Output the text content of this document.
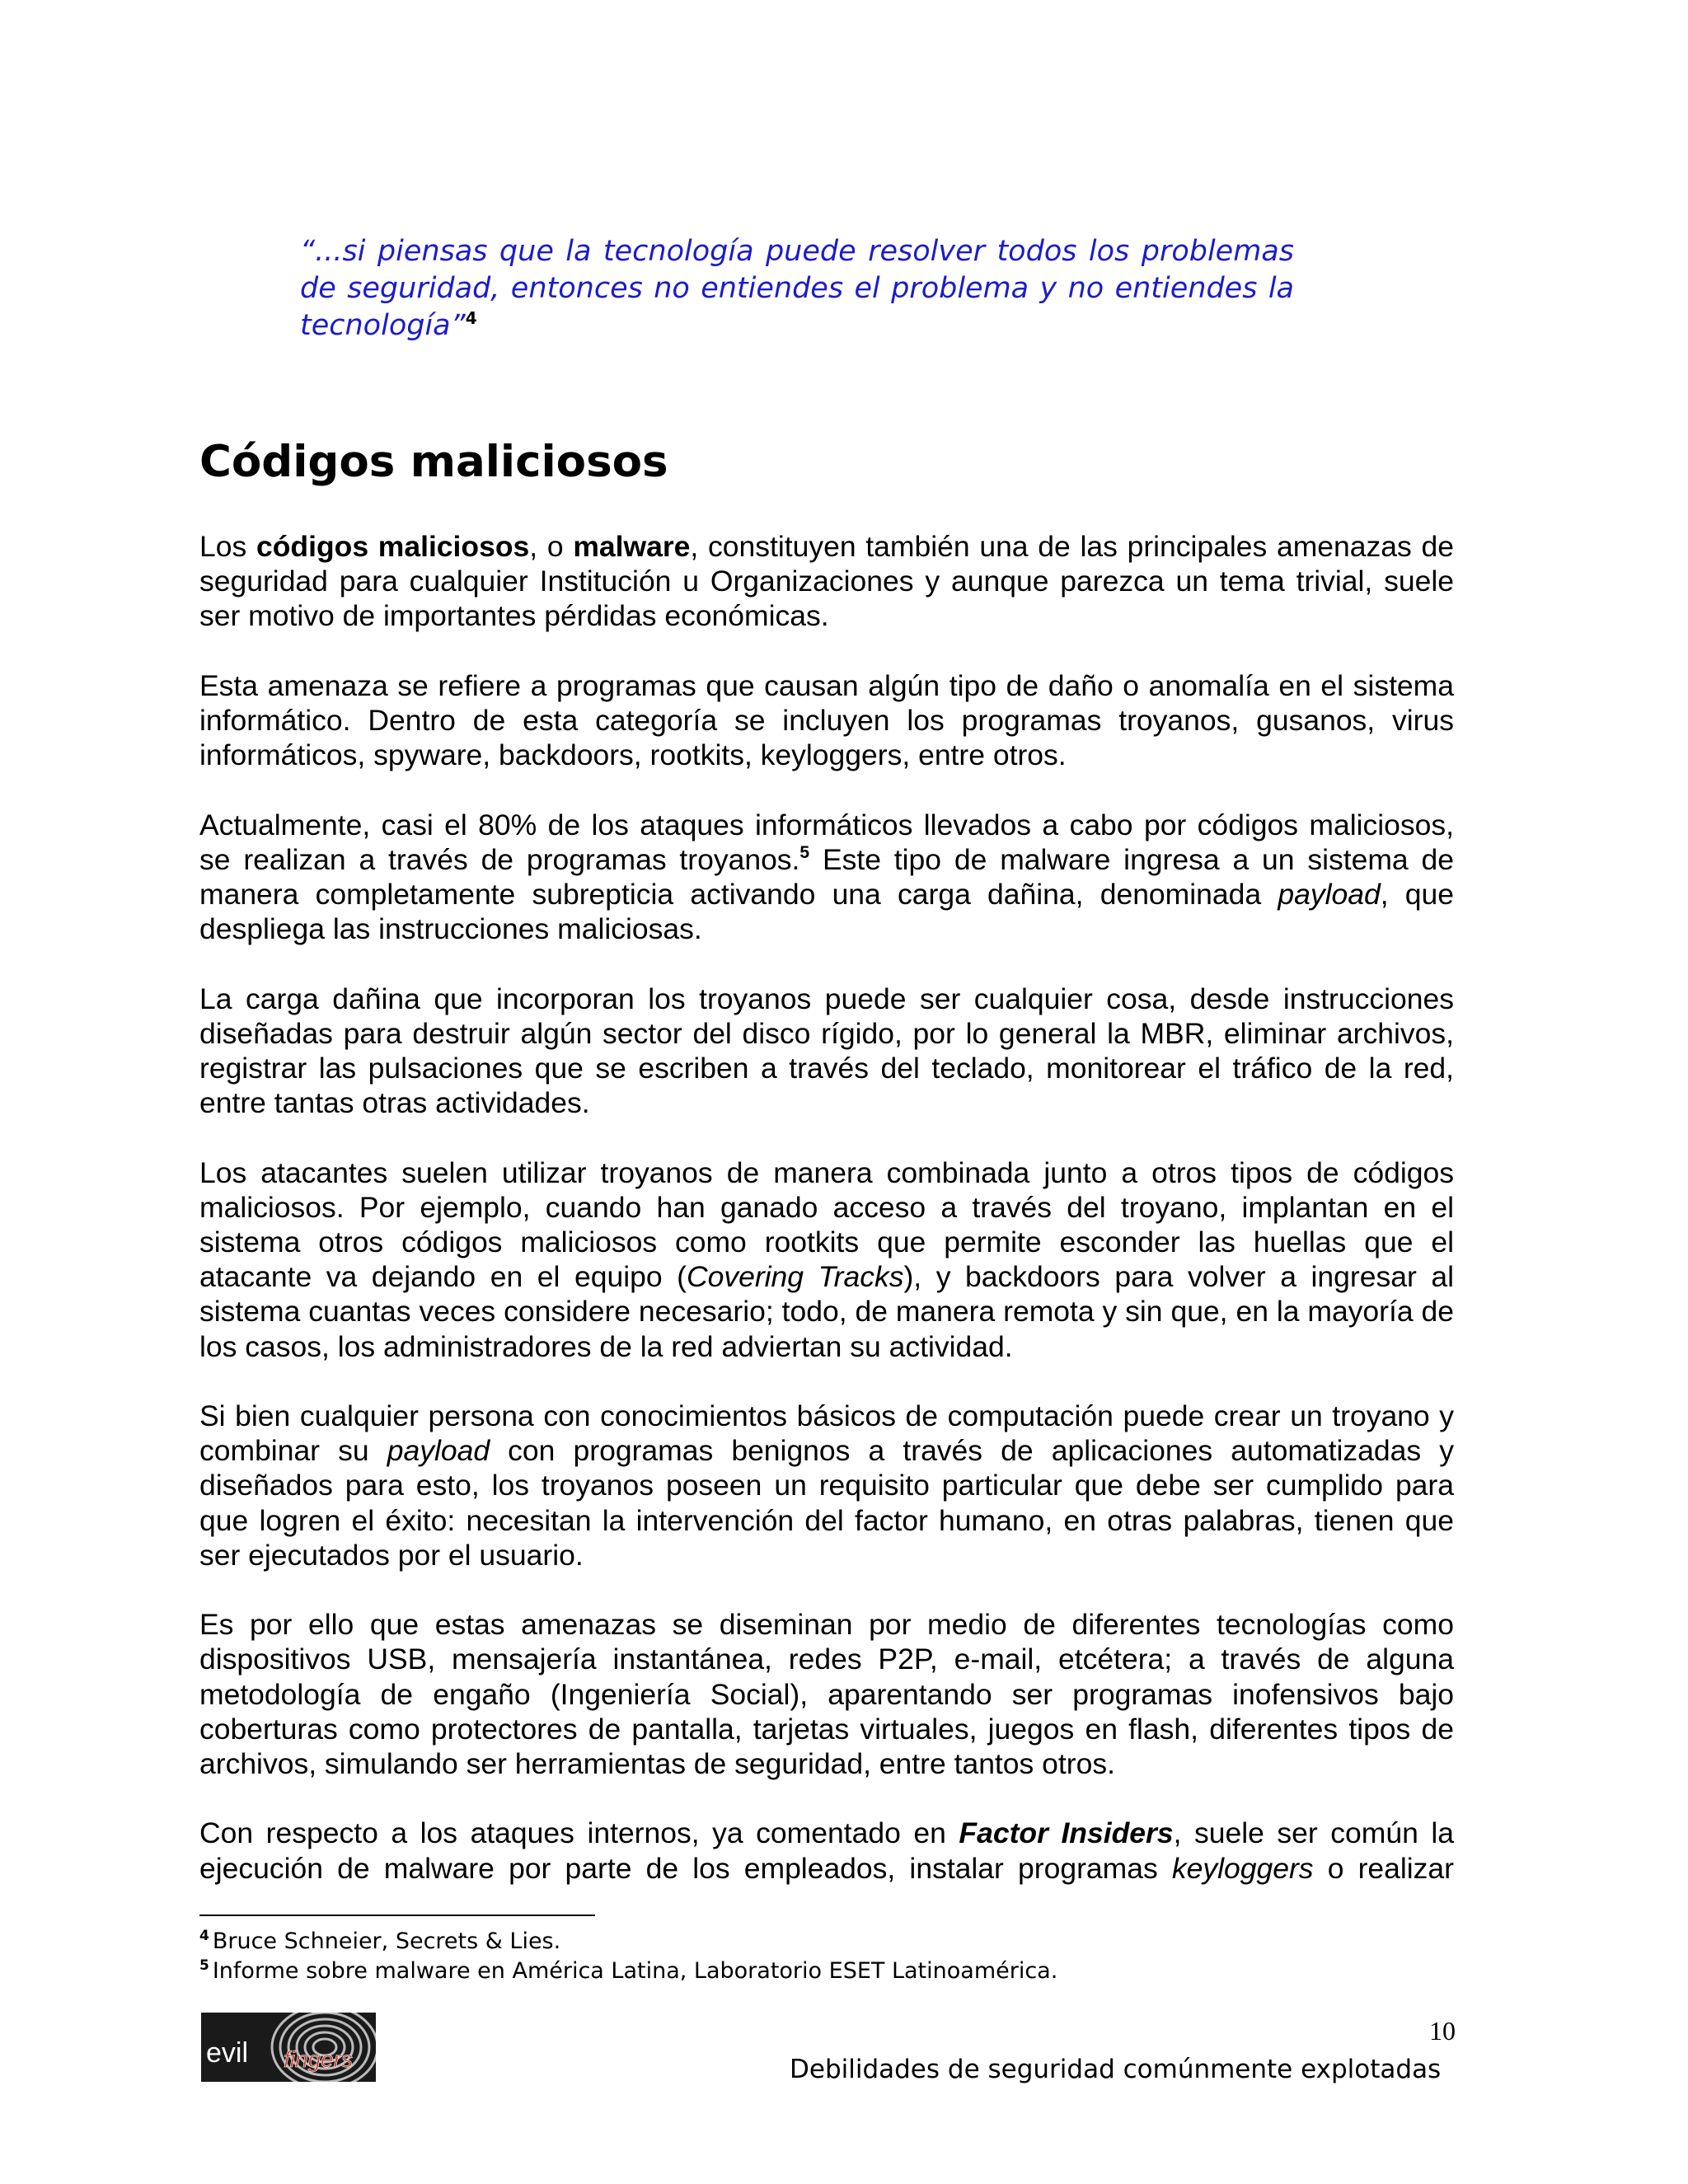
“...si piensas que la tecnología puede resolver todos los problemas de seguridad, entonces no entiendes el problema y no entiendes la tecnología”$^4$

Códigos maliciosos

Los códigos maliciosos, o malware, constituyen también una de las principales amenazas de seguridad para cualquier Institución u Organizaciones y aunque parezca un tema trivial, suele ser motivo de importantes pérdidas económicas.

Esta amenaza se refiere a programas que causan algún tipo de daño o anomalía en el sistema informático. Dentro de esta categoría se incluyen los programas troyanos, gusanos, virus informáticos, spyware, backdoors, rootkits, keyloggers, entre otros.

Actualmente, casi el 80% de los ataques informáticos llevados a cabo por códigos maliciosos, se realizan a través de programas troyanos.$^5$ Este tipo de malware ingresa a un sistema de manera completamente subrepticia activando una carga dañina, denominada payload, que despliega las instrucciones maliciosas.

La carga dañina que incorporan los troyanos puede ser cualquier cosa, desde instrucciones diseñadas para destruir algún sector del disco rígido, por lo general la MBR, eliminar archivos, registrar las pulsaciones que se escriben a través del teclado, monitorear el tráfico de la red, entre tantas otras actividades.

Los atacantes suelen utilizar troyanos de manera combinada junto a otros tipos de códigos maliciosos. Por ejemplo, cuando han ganado acceso a través del troyano, implantan en el sistema otros códigos maliciosos como rootkits que permite esconder las huellas que el atacante va dejando en el equipo (Covering Tracks), y backdoors para volver a ingresar al sistema cuantas veces considere necesario; todo, de manera remota y sin que, en la mayoría de los casos, los administradores de la red adviertan su actividad.

Si bien cualquier persona con conocimientos básicos de computación puede crear un troyano y combinar su payload con programas benignos a través de aplicaciones automatizadas y diseñados para esto, los troyanos poseen un requisito particular que debe ser cumplido para que logren el éxito: necesitan la intervención del factor humano, en otras palabras, tienen que ser ejecutados por el usuario.

Es por ello que estas amenazas se diseminan por medio de diferentes tecnologías como dispositivos USB, mensajería instantánea, redes P2P, e-mail, etcétera; a través de alguna metodología de engaño (Ingeniería Social), aparentando ser programas inofensivos bajo coberturas como protectores de pantalla, tarjetas virtuales, juegos en flash, diferentes tipos de archivos, simulando ser herramientas de seguridad, entre tantos otros.

Con respecto a los ataques internos, ya comentado en Factor Insiders, suele ser común la ejecución de malware por parte de los empleados, instalar programas keyloggers o realizar

$^4$ Bruce Schneier, Secrets & Lies.
$^5$ Informe sobre malware en América Latina, Laboratorio ESET Latinoamérica.
evil fingers
10
Debilidades de seguridad comúnmente explotadas
